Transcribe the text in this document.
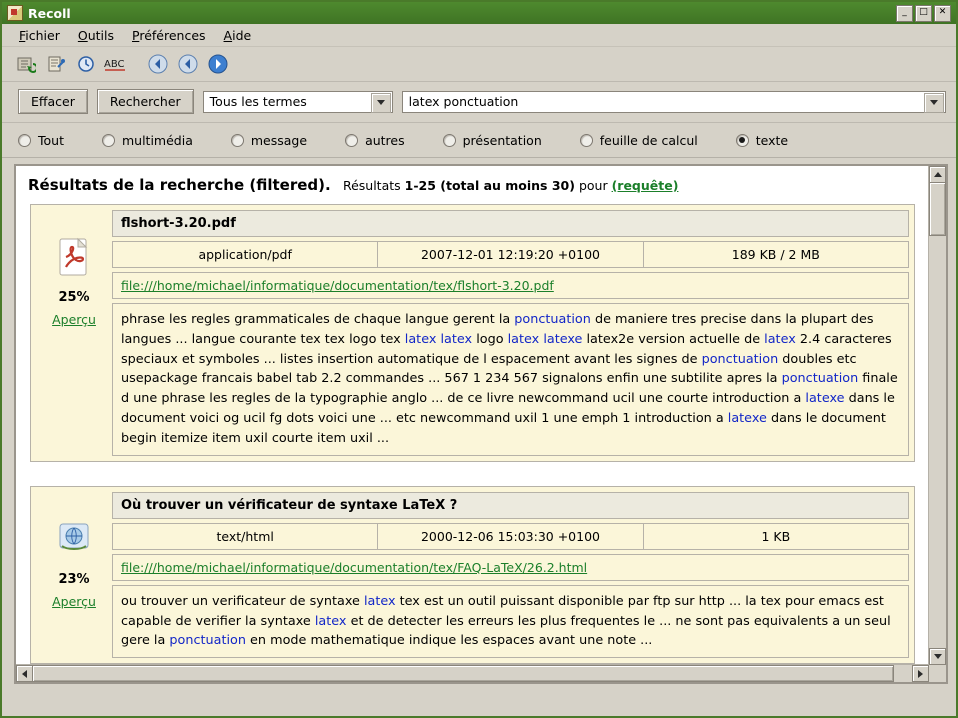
Recoll	_	□	✕
Fichier	Outils	Préférences	Aide
ABC
Effacer	Rechercher	Tous les termes	latex ponctuation
Tout	multimédia	message	autres	présentation	feuille de calcul	texte
Résultats de la recherche (filtered). Résultats 1-25 (total au moins 30) pour (requête)
25%
Aperçu
flshort-3.20.pdf
application/pdf	2007-12-01 12:19:20 +0100	189 KB / 2 MB
file:///home/michael/informatique/documentation/tex/flshort-3.20.pdf
phrase les regles grammaticales de chaque langue gerent la ponctuation de maniere tres precise dans la plupart des langues ... langue courante tex tex logo tex latex latex logo latex latexe latex2e version actuelle de latex 2.4 caracteres speciaux et symboles ... listes insertion automatique de l espacement avant les signes de ponctuation doubles etc usepackage francais babel tab 2.2 commandes ... 567 1 234 567 signalons enfin une subtilite apres la ponctuation finale d une phrase les regles de la typographie anglo ... de ce livre newcommand ucil une courte introduction a latexe dans le document voici og ucil fg dots voici une ... etc newcommand uxil 1 une emph 1 introduction a latexe dans le document begin itemize item uxil courte item uxil ...
23%
Aperçu
Où trouver un vérificateur de syntaxe LaTeX ?
text/html	2000-12-06 15:03:30 +0100	1 KB
file:///home/michael/informatique/documentation/tex/FAQ-LaTeX/26.2.html
ou trouver un verificateur de syntaxe latex tex est un outil puissant disponible par ftp sur http ... la tex pour emacs est capable de verifier la syntaxe latex et de detecter les erreurs les plus frequentes le ... ne sont pas equivalents a un seul gere la ponctuation en mode mathematique indique les espaces avant une note ...
